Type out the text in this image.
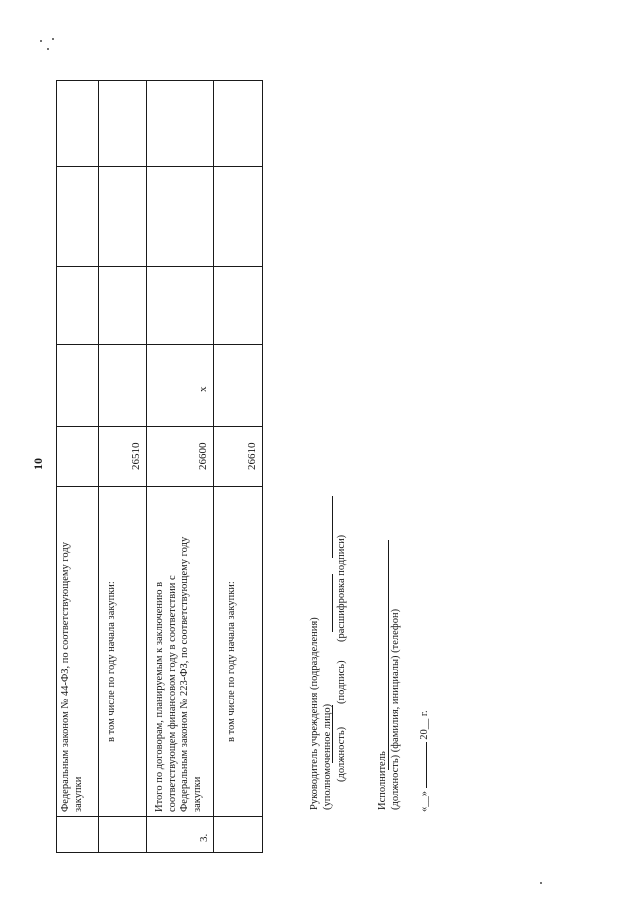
10
Федеральным законом № 44-ФЗ, по соответствующему году закупки
в том числе по году начала закупки:
26510
3.
Итого по договорам, планируемым к заключению в соответствующем финансовом году в соответствии с Федеральным законом № 223-ФЗ, по соответствующему году закупки
26600
x
в том числе по году начала закупки:
26610
Руководитель учреждения (подразделения) (уполномоченное лицо) (должность)
(подпись)
(расшифровка подписи)
Исполнитель (должность) (фамилия, инициалы) (телефон) «__»  20__ г.
